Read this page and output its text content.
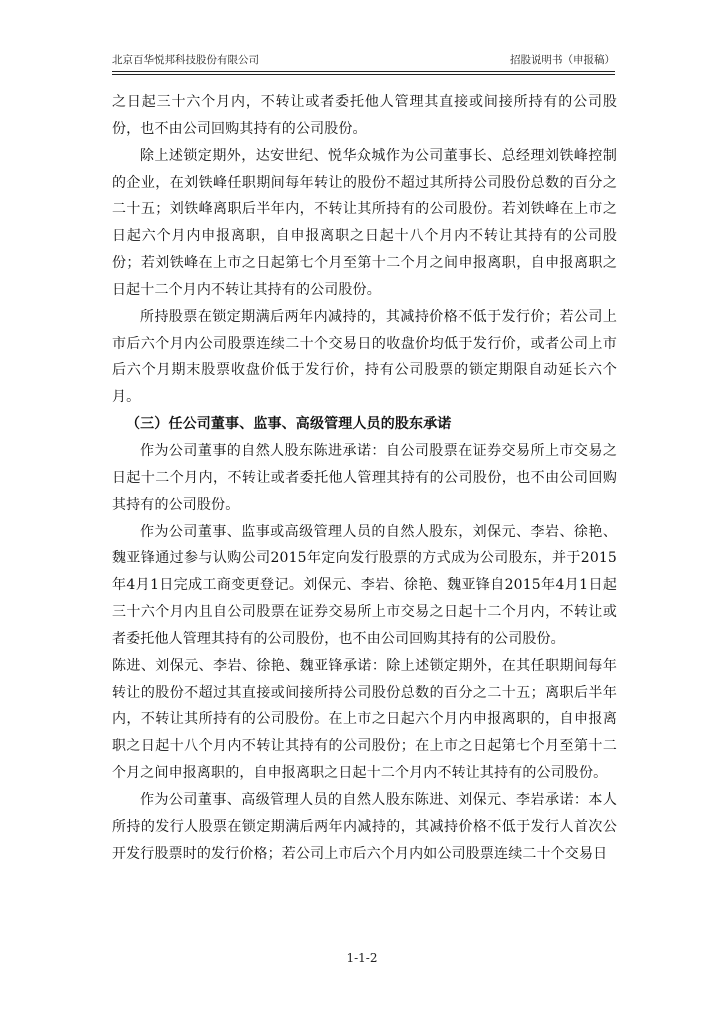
北京百华悦邦科技股份有限公司	招股说明书（申报稿）

之日起三十六个月内，不转让或者委托他人管理其直接或间接所持有的公司股份，也不由公司回购其持有的公司股份。

除上述锁定期外，达安世纪、悦华众城作为公司董事长、总经理刘铁峰控制的企业，在刘铁峰任职期间每年转让的股份不超过其所持公司股份总数的百分之二十五；刘铁峰离职后半年内，不转让其所持有的公司股份。若刘铁峰在上市之日起六个月内申报离职，自申报离职之日起十八个月内不转让其持有的公司股份；若刘铁峰在上市之日起第七个月至第十二个月之间申报离职，自申报离职之日起十二个月内不转让其持有的公司股份。

所持股票在锁定期满后两年内减持的，其减持价格不低于发行价；若公司上市后六个月内公司股票连续二十个交易日的收盘价均低于发行价，或者公司上市后六个月期末股票收盘价低于发行价，持有公司股票的锁定期限自动延长六个月。

（三）任公司董事、监事、高级管理人员的股东承诺

作为公司董事的自然人股东陈进承诺：自公司股票在证券交易所上市交易之日起十二个月内，不转让或者委托他人管理其持有的公司股份，也不由公司回购其持有的公司股份。

作为公司董事、监事或高级管理人员的自然人股东，刘保元、李岩、徐艳、魏亚锋通过参与认购公司2015年定向发行股票的方式成为公司股东，并于2015年4月1日完成工商变更登记。刘保元、李岩、徐艳、魏亚锋自2015年4月1日起三十六个月内且自公司股票在证券交易所上市交易之日起十二个月内，不转让或者委托他人管理其持有的公司股份，也不由公司回购其持有的公司股份。

陈进、刘保元、李岩、徐艳、魏亚锋承诺：除上述锁定期外，在其任职期间每年转让的股份不超过其直接或间接所持公司股份总数的百分之二十五；离职后半年内，不转让其所持有的公司股份。在上市之日起六个月内申报离职的，自申报离职之日起十八个月内不转让其持有的公司股份；在上市之日起第七个月至第十二个月之间申报离职的，自申报离职之日起十二个月内不转让其持有的公司股份。

作为公司董事、高级管理人员的自然人股东陈进、刘保元、李岩承诺：本人所持的发行人股票在锁定期满后两年内减持的，其减持价格不低于发行人首次公开发行股票时的发行价格；若公司上市后六个月内如公司股票连续二十个交易日

1-1-2
